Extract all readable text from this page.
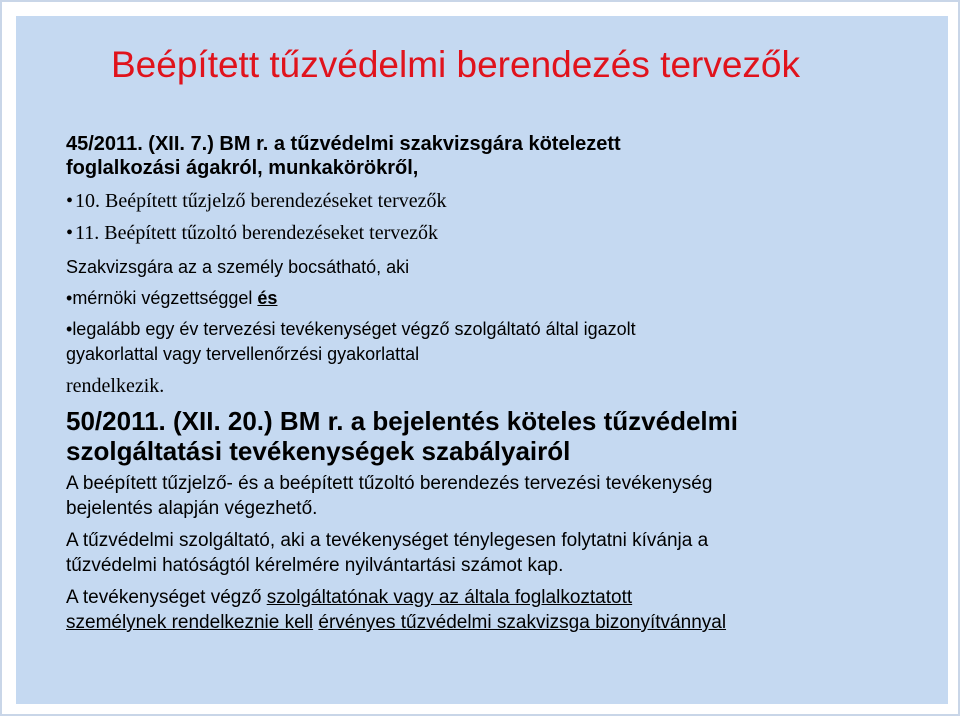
Beépített tűzvédelmi berendezés tervezők
45/2011. (XII. 7.) BM r. a tűzvédelmi szakvizsgára kötelezett
foglalkozási ágakról, munkakörökről,
• 10. Beépített tűzjelző berendezéseket tervezők
• 11. Beépített tűzoltó berendezéseket tervezők
Szakvizsgára az a személy bocsátható, aki
•mérnöki végzettséggel és
•legalább egy év tervezési tevékenységet végző szolgáltató által igazolt
gyakorlattal vagy tervellenőrzési gyakorlattal
rendelkezik.
50/2011. (XII. 20.) BM r. a bejelentés köteles tűzvédelmi
szolgáltatási tevékenységek szabályairól
A beépített tűzjelző- és a beépített tűzoltó berendezés tervezési tevékenység
bejelentés alapján végezhető.
A tűzvédelmi szolgáltató, aki a tevékenységet ténylegesen folytatni kívánja a
tűzvédelmi hatóságtól kérelmére nyilvántartási számot kap.
A tevékenységet végző szolgáltatónak vagy az általa foglalkoztatott
személynek rendelkeznie kell érvényes tűzvédelmi szakvizsga bizonyítvánnyal
